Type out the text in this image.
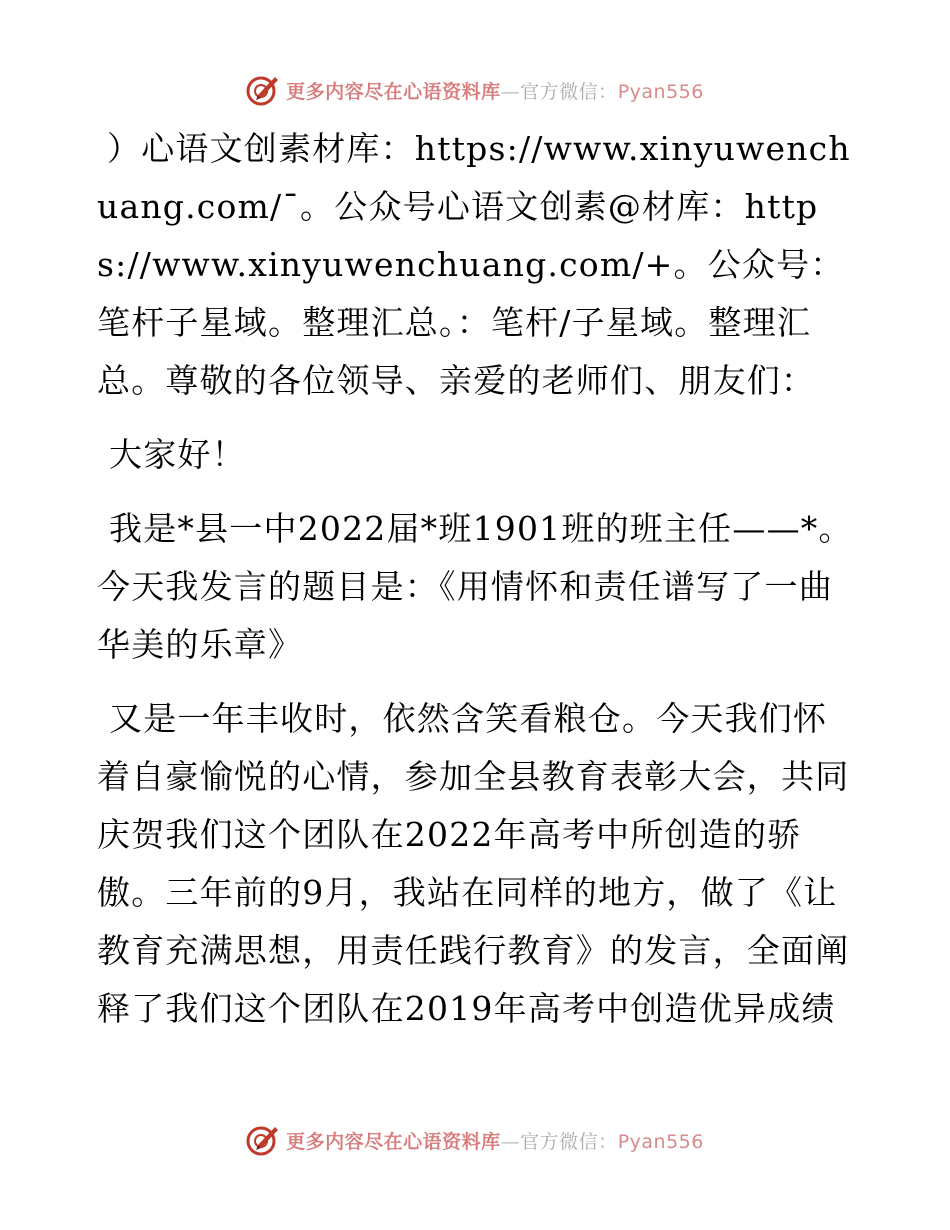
更多内容尽在心语资料库—官方微信：Pyan556

）心语文创素材库：https://www.xinyuwenchuang.com/¯。公众号心语文创素@材库：https://www.xinyuwenchuang.com/+。公众号：笔杆子星域。整理汇总。：笔杆/子星域。整理汇总。尊敬的各位领导、亲爱的老师们、朋友们：

大家好！

我是*县一中2022届*班1901班的班主任——*。今天我发言的题目是：《用情怀和责任谱写了一曲华美的乐章》

又是一年丰收时，依然含笑看粮仓。今天我们怀着自豪愉悦的心情，参加全县教育表彰大会，共同庆贺我们这个团队在2022年高考中所创造的骄傲。三年前的9月，我站在同样的地方，做了《让教育充满思想，用责任践行教育》的发言，全面阐释了我们这个团队在2019年高考中创造优异成绩

更多内容尽在心语资料库—官方微信：Pyan556
